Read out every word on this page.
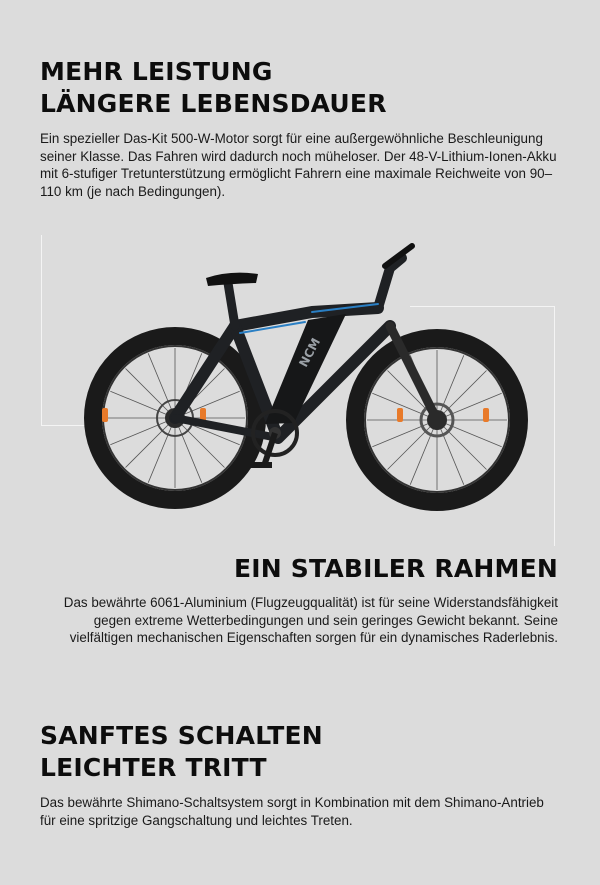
MEHR LEISTUNG
LÄNGERE LEBENSDAUER

Ein spezieller Das-Kit 500-W-Motor sorgt für eine außergewöhnliche Beschleunigung seiner Klasse. Das Fahren wird dadurch noch müheloser. Der 48-V-Lithium-Ionen-Akku mit 6-stufiger Tretunterstützung ermöglicht Fahrern eine maximale Reichweite von 90–110 km (je nach Bedingungen).

NCM
EIN STABILER RAHMEN

Das bewährte 6061-Aluminium (Flugzeugqualität) ist für seine Widerstandsfähigkeit gegen extreme Wetterbedingungen und sein geringes Gewicht bekannt. Seine vielfältigen mechanischen Eigenschaften sorgen für ein dynamisches Raderlebnis.

SANFTES SCHALTEN
LEICHTER TRITT

Das bewährte Shimano-Schaltsystem sorgt in Kombination mit dem Shimano-Antrieb für eine spritzige Gangschaltung und leichtes Treten.
